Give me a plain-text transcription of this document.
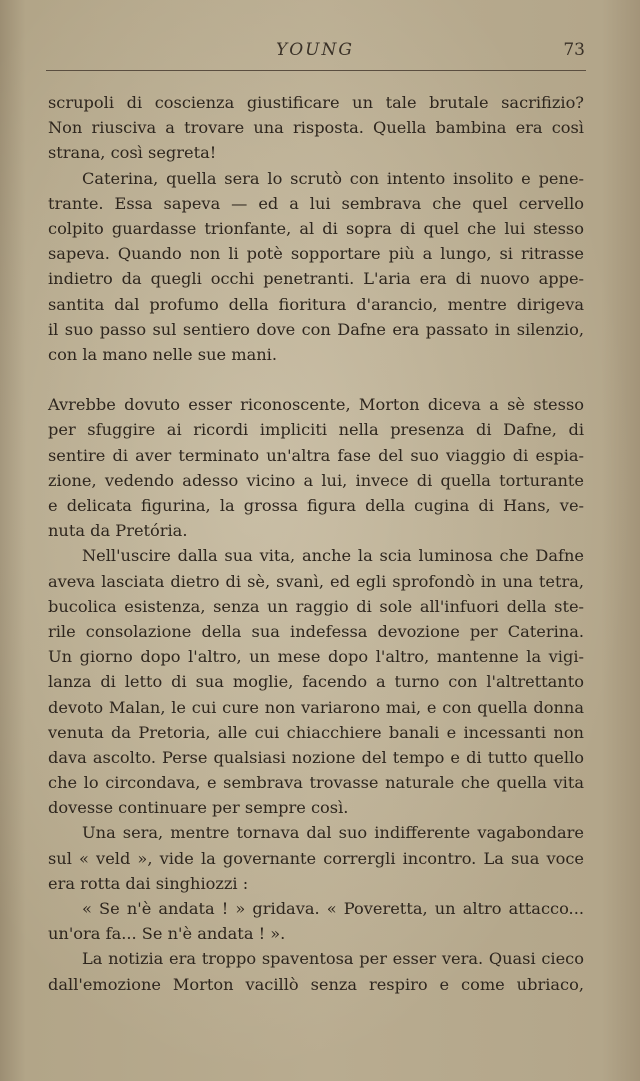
YOUNG	73
scrupoli di coscienza giustificare un tale brutale sacrifizio?
Non riusciva a trovare una risposta. Quella bambina era così
strana, così segreta!
Caterina, quella sera lo scrutò con intento insolito e pene-
trante. Essa sapeva — ed a lui sembrava che quel cervello
colpito guardasse trionfante, al di sopra di quel che lui stesso
sapeva. Quando non li potè sopportare più a lungo, si ritrasse
indietro da quegli occhi penetranti. L'aria era di nuovo appe-
santita dal profumo della fioritura d'arancio, mentre dirigeva
il suo passo sul sentiero dove con Dafne era passato in silenzio,
con la mano nelle sue mani.
Avrebbe dovuto esser riconoscente, Morton diceva a sè stesso
per sfuggire ai ricordi impliciti nella presenza di Dafne, di
sentire di aver terminato un'altra fase del suo viaggio di espia-
zione, vedendo adesso vicino a lui, invece di quella torturante
e delicata figurina, la grossa figura della cugina di Hans, ve-
nuta da Pretória.
Nell'uscire dalla sua vita, anche la scia luminosa che Dafne
aveva lasciata dietro di sè, svanì, ed egli sprofondò in una tetra,
bucolica esistenza, senza un raggio di sole all'infuori della ste-
rile consolazione della sua indefessa devozione per Caterina.
Un giorno dopo l'altro, un mese dopo l'altro, mantenne la vigi-
lanza di letto di sua moglie, facendo a turno con l'altrettanto
devoto Malan, le cui cure non variarono mai, e con quella donna
venuta da Pretoria, alle cui chiacchiere banali e incessanti non
dava ascolto. Perse qualsiasi nozione del tempo e di tutto quello
che lo circondava, e sembrava trovasse naturale che quella vita
dovesse continuare per sempre così.
Una sera, mentre tornava dal suo indifferente vagabondare
sul « veld », vide la governante corrergli incontro. La sua voce
era rotta dai singhiozzi :
« Se n'è andata ! » gridava. « Poveretta, un altro attacco...
un'ora fa... Se n'è andata ! ».
La notizia era troppo spaventosa per esser vera. Quasi cieco
dall'emozione Morton vacillò senza respiro e come ubriaco,
